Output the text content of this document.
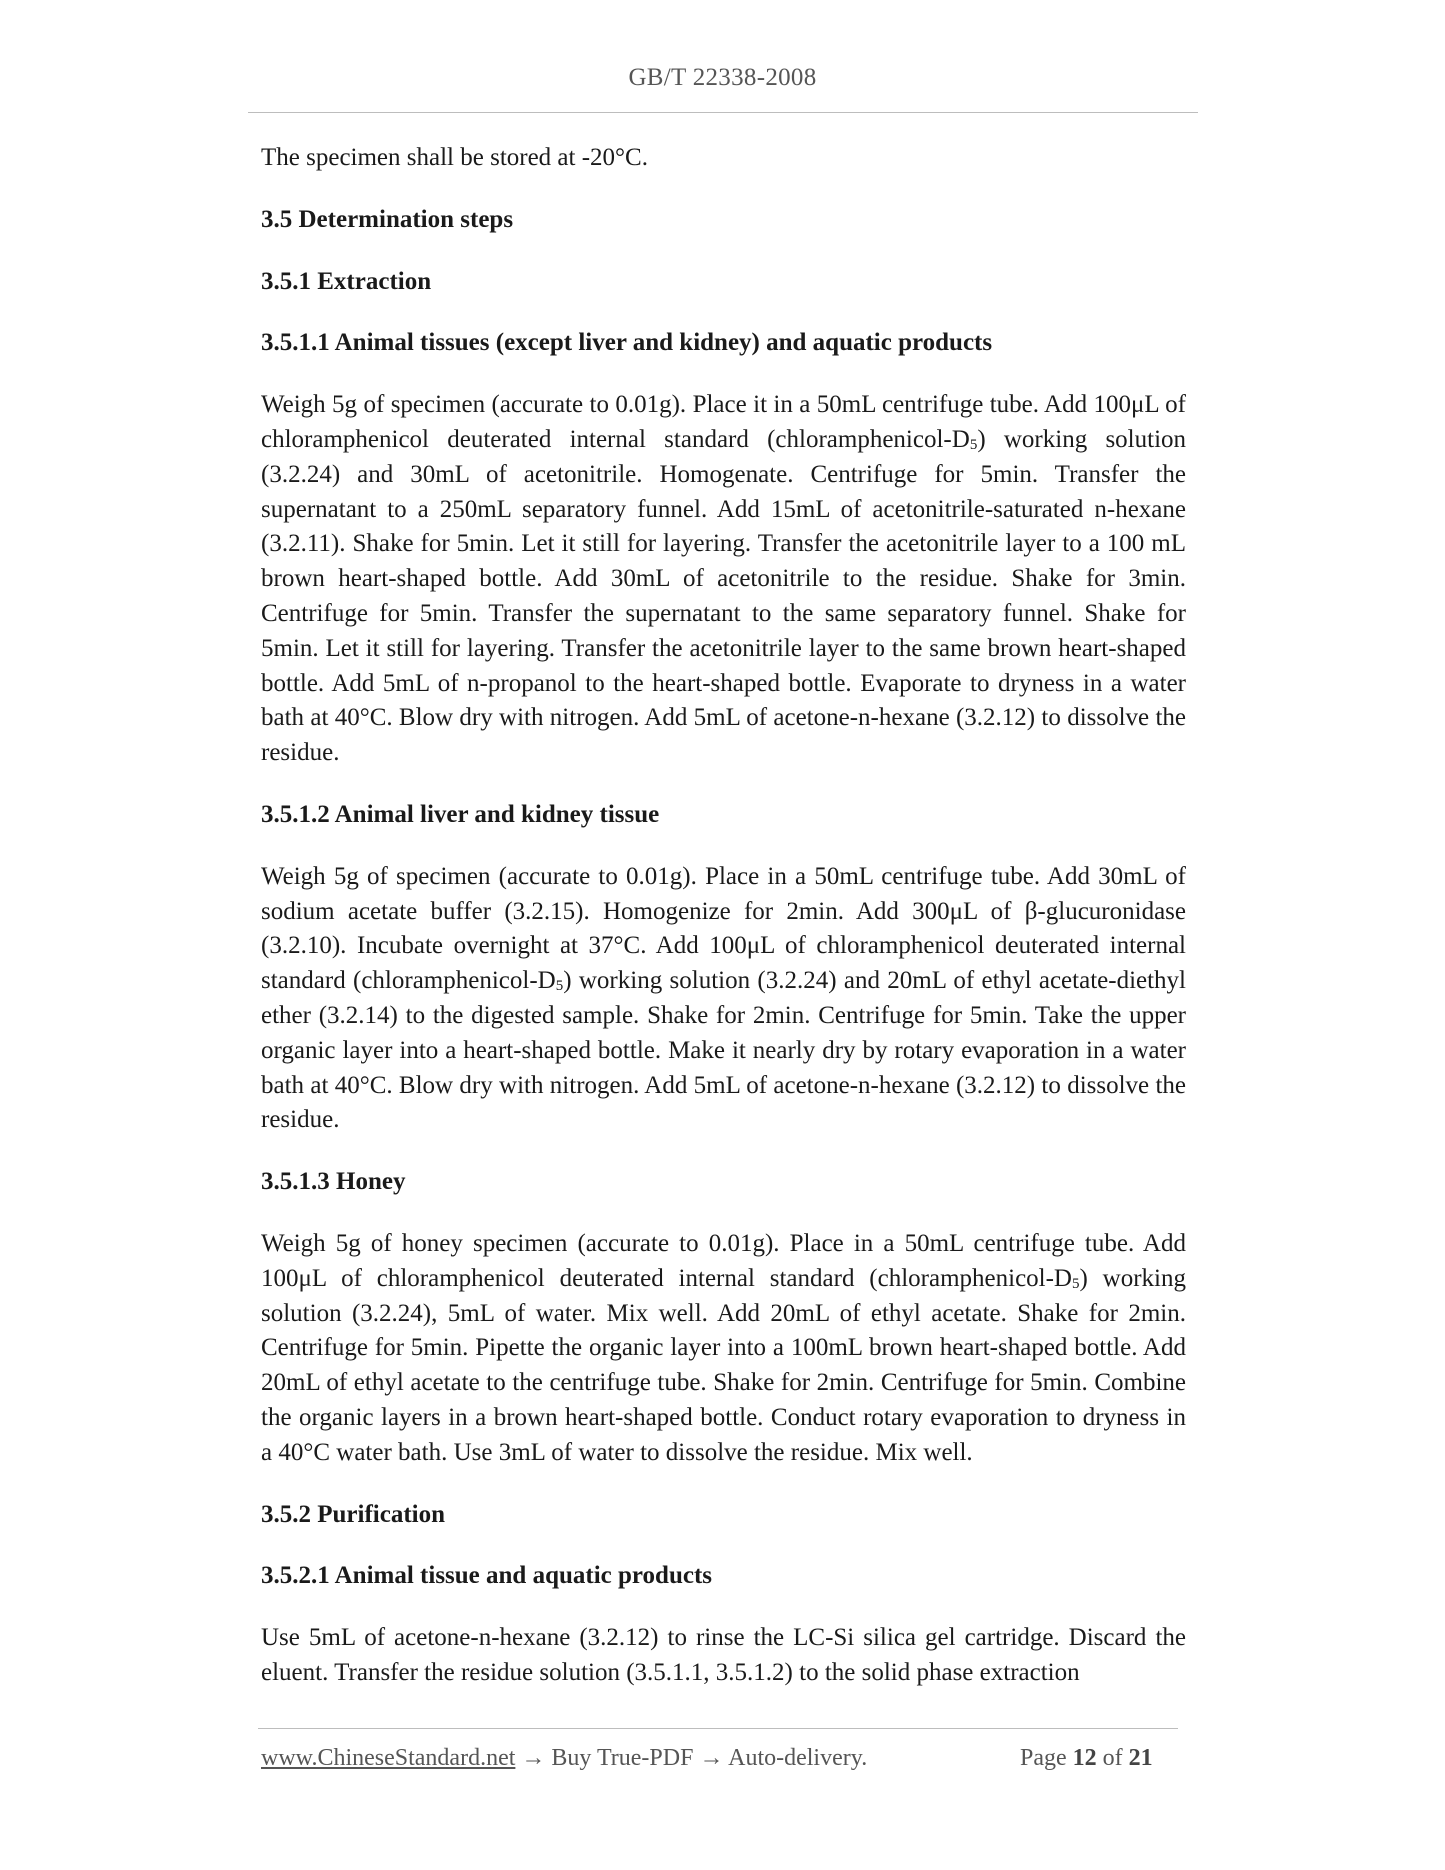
GB/T 22338-2008

The specimen shall be stored at -20°C.

3.5 Determination steps
3.5.1 Extraction
3.5.1.1 Animal tissues (except liver and kidney) and aquatic products

Weigh 5g of specimen (accurate to 0.01g). Place it in a 50mL centrifuge tube. Add 100μL of chloramphenicol deuterated internal standard $(chloramphenicol-D_5)$ working solution (3.2.24) and 30mL of acetonitrile. Homogenate. Centrifuge for 5min. Transfer the supernatant to a 250mL separatory funnel. Add 15mL of acetonitrile-saturated n-hexane (3.2.11). Shake for 5min. Let it still for layering. Transfer the acetonitrile layer to a 100 mL brown heart-shaped bottle. Add 30mL of acetonitrile to the residue. Shake for 3min. Centrifuge for 5min. Transfer the supernatant to the same separatory funnel. Shake for 5min. Let it still for layering. Transfer the acetonitrile layer to the same brown heart-shaped bottle. Add 5mL of n-propanol to the heart-shaped bottle. Evaporate to dryness in a water bath at 40°C. Blow dry with nitrogen. Add 5mL of acetone-n-hexane (3.2.12) to dissolve the residue.

3.5.1.2 Animal liver and kidney tissue

Weigh 5g of specimen (accurate to 0.01g). Place in a 50mL centrifuge tube. Add 30mL of sodium acetate buffer (3.2.15). Homogenize for 2min. Add 300μL of β-glucuronidase (3.2.10). Incubate overnight at 37°C. Add 100μL of chloramphenicol deuterated internal standard $(chloramphenicol-D_5)$ working solution (3.2.24) and 20mL of ethyl acetate-diethyl ether (3.2.14) to the digested sample. Shake for 2min. Centrifuge for 5min. Take the upper organic layer into a heart-shaped bottle. Make it nearly dry by rotary evaporation in a water bath at 40°C. Blow dry with nitrogen. Add 5mL of acetone-n-hexane (3.2.12) to dissolve the residue.

3.5.1.3 Honey

Weigh 5g of honey specimen (accurate to 0.01g). Place in a 50mL centrifuge tube. Add 100μL of chloramphenicol deuterated internal standard $(chloramphenicol-D_5)$ working solution (3.2.24), 5mL of water. Mix well. Add 20mL of ethyl acetate. Shake for 2min. Centrifuge for 5min. Pipette the organic layer into a 100mL brown heart-shaped bottle. Add 20mL of ethyl acetate to the centrifuge tube. Shake for 2min. Centrifuge for 5min. Combine the organic layers in a brown heart-shaped bottle. Conduct rotary evaporation to dryness in a 40°C water bath. Use 3mL of water to dissolve the residue. Mix well.

3.5.2 Purification
3.5.2.1 Animal tissue and aquatic products

Use 5mL of acetone-n-hexane (3.2.12) to rinse the LC-Si silica gel cartridge. Discard the eluent. Transfer the residue solution (3.5.1.1, 3.5.1.2) to the solid phase extraction

www.ChineseStandard.net → Buy True-PDF → Auto-delivery.	Page 12 of 21
